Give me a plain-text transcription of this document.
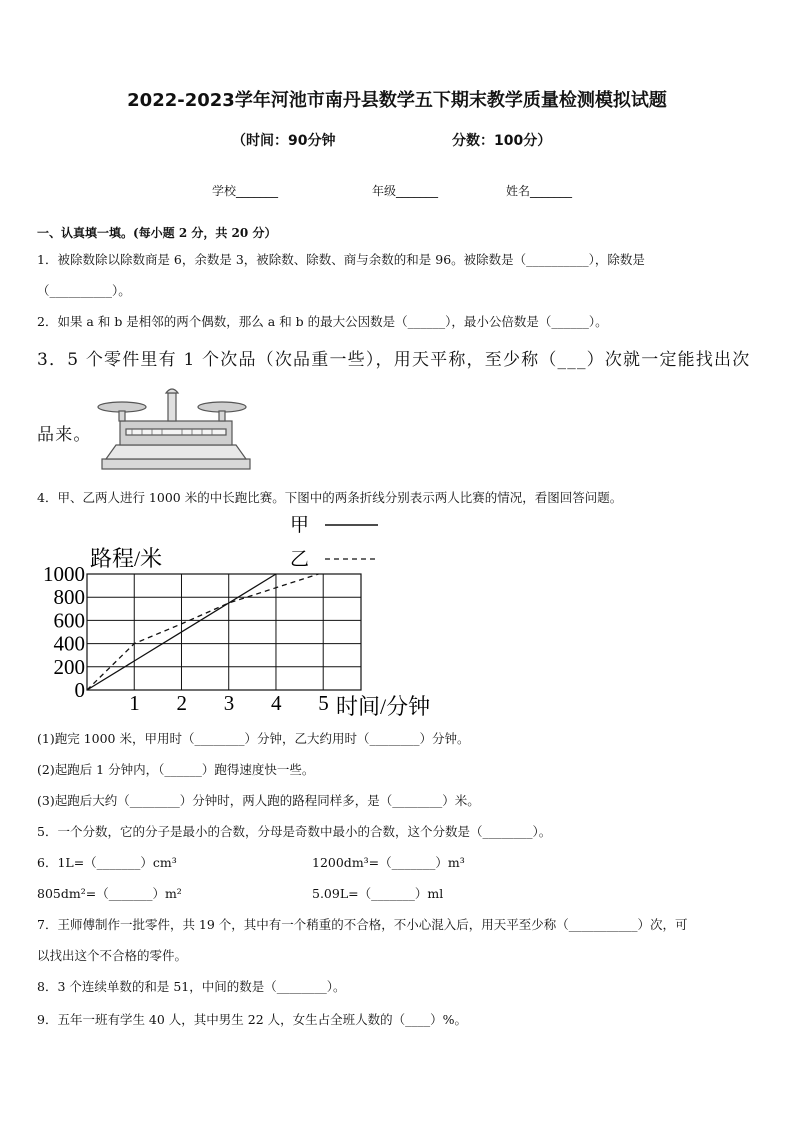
2022-2023学年河池市南丹县数学五下期末教学质量检测模拟试题
（时间：90分钟	分数：100分）
学校_______	年级_______	姓名_______
一、认真填一填。(每小题 2 分，共 20 分）
1．被除数除以除数商是 6，余数是 3，被除数、除数、商与余数的和是 96。被除数是（__________），除数是
（__________）。
2．如果 a 和 b 是相邻的两个偶数，那么 a 和 b 的最大公因数是（______），最小公倍数是（______）。
3．5 个零件里有 1 个次品（次品重一些），用天平称，至少称（___）次就一定能找出次
品来。
4．甲、乙两人进行 1000 米的中长跑比赛。下图中的两条折线分别表示两人比赛的情况，看图回答问题。
甲
乙
路程/米
时间/分钟
1 2 3 4 5
0
200
400
600
800
1000
(1)跑完 1000 米，甲用时（________）分钟，乙大约用时（________）分钟。
(2)起跑后 1 分钟内，（______）跑得速度快一些。
(3)起跑后大约（________）分钟时，两人跑的路程同样多，是（________）米。
5．一个分数，它的分子是最小的合数，分母是奇数中最小的合数，这个分数是（________）。
6．1L=（_______）cm³	1200dm³=（_______）m³
805dm²=（_______）m²	5.09L=（_______）ml
7．王师傅制作一批零件，共 19 个，其中有一个稍重的不合格，不小心混入后，用天平至少称（___________）次，可
以找出这个不合格的零件。
8．3 个连续单数的和是 51，中间的数是（________）。
9．五年一班有学生 40 人，其中男生 22 人，女生占全班人数的（____）%。
